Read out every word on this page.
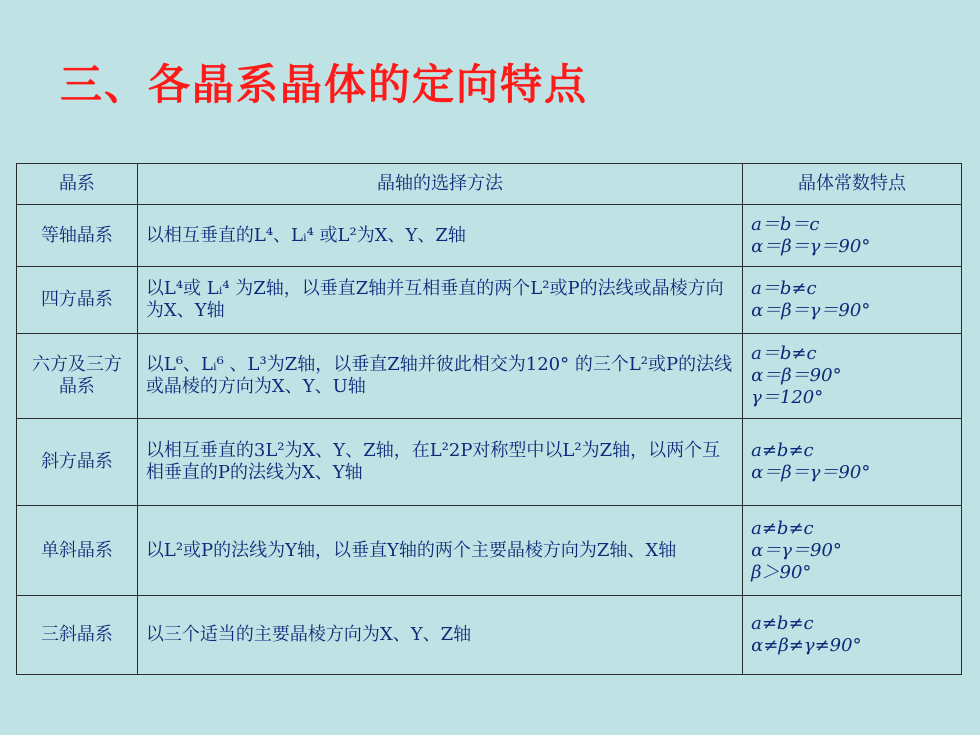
三、各晶系晶体的定向特点
晶系	晶轴的选择方法	晶体常数特点
等轴晶系	以相互垂直的L⁴、Lᵢ⁴ 或L²为X、Y、Z轴	a＝b＝c
α＝β＝γ＝90°

四方晶系	以L⁴或 Lᵢ⁴ 为Z轴，以垂直Z轴并互相垂直的两个L²或P的法线或晶棱方向为X、Y轴	a＝b≠c
α＝β＝γ＝90°

六方及三方晶系	以L⁶、Lᵢ⁶ 、L³为Z轴，以垂直Z轴并彼此相交为120° 的三个L²或P的法线或晶棱的方向为X、Y、U轴	a＝b≠c
α＝β＝90°
γ＝120°

斜方晶系	以相互垂直的3L²为X、Y、Z轴，在L²2P对称型中以L²为Z轴，以两个互相垂直的P的法线为X、Y轴	a≠b≠c
α＝β＝γ＝90°

单斜晶系	以L²或P的法线为Y轴，以垂直Y轴的两个主要晶棱方向为Z轴、X轴	a≠b≠c
α＝γ＝90°
β＞90°

三斜晶系	以三个适当的主要晶棱方向为X、Y、Z轴	a≠b≠c
α≠β≠γ≠90°
